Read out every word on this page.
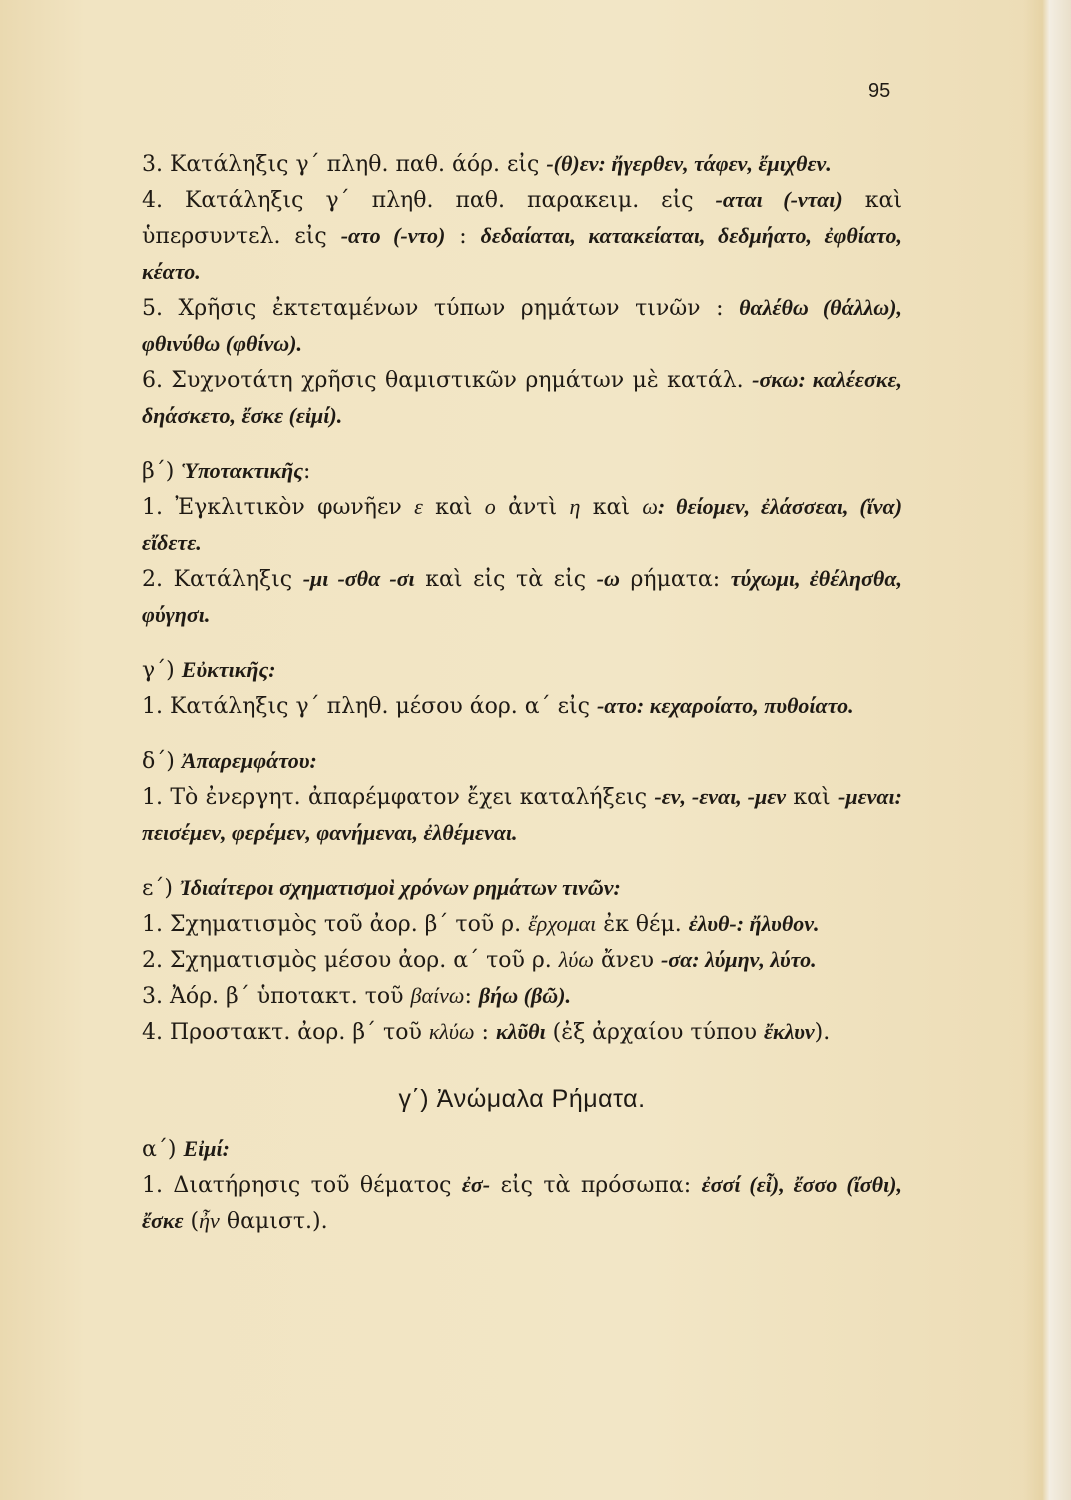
95

3. Κατάληξις γ΄ πληθ. παθ. άόρ. εἰς -(θ)εν: ἤγερθεν, τάφεν, ἔμιχθεν.

4. Κατάληξις γ΄ πληθ. παθ. παρακειμ. εἰς -αται (-νται) καὶ ὑπερσυντελ. εἰς -ατο (-ντο) : δεδαίαται, κατακείαται, δεδμήατο, ἐφθίατο, κέατο.

5. Χρῆσις ἐκτεταμένων τύπων ρημάτων τινῶν : θαλέθω (θάλλω), φθινύθω (φθίνω).

6. Συχνοτάτη χρῆσις θαμιστικῶν ρημάτων μὲ κατάλ. -σκω: καλέεσκε, δηάσκετο, ἔσκε (εἰμί).

β΄) Ὑποτακτικῆς:

1. Ἐγκλιτικὸν φωνῆεν ε καὶ ο ἀντὶ η καὶ ω: θείομεν, ἐλάσσεαι, (ἵνα) εἴδετε.

2. Κατάληξις -μι -σθα -σι καὶ εἰς τὰ εἰς -ω ρήματα: τύχωμι, ἐθέλησθα, φύγησι.

γ΄) Εὐκτικῆς:

1. Κατάληξις γ΄ πληθ. μέσου άορ. α΄ εἰς -ατο: κεχαροίατο, πυθοίατο.

δ΄) Ἀπαρεμφάτου:

1. Τὸ ἐνεργητ. ἀπαρέμφατον ἔχει καταλήξεις -εν, -εναι, -μεν καὶ -μεναι: πεισέμεν, φερέμεν, φανήμεναι, ἐλθέμεναι.

ε΄) Ἰδιαίτεροι σχηματισμοὶ χρόνων ρημάτων τινῶν:

1. Σχηματισμὸς τοῦ ἀορ. β΄ τοῦ ρ. ἔρχομαι ἐκ θέμ. ἐλυθ-: ἤλυθον.

2. Σχηματισμὸς μέσου ἀορ. α΄ τοῦ ρ. λύω ἄνευ -σα: λύμην, λύτο.

3. Ἀόρ. β΄ ὑποτακτ. τοῦ βαίνω: βήω (βῶ).

4. Προστακτ. ἀορ. β΄ τοῦ κλύω : κλῦθι (ἐξ ἀρχαίου τύπου ἔκλυν).

γ΄) Ἀνώμαλα Ρήματα.

α΄) Εἰμί:

1. Διατήρησις τοῦ θέματος ἐσ- εἰς τὰ πρόσωπα: ἐσσί (εἶ), ἔσσο (ἴσθι), ἔσκε (ἦν θαμιστ.).
